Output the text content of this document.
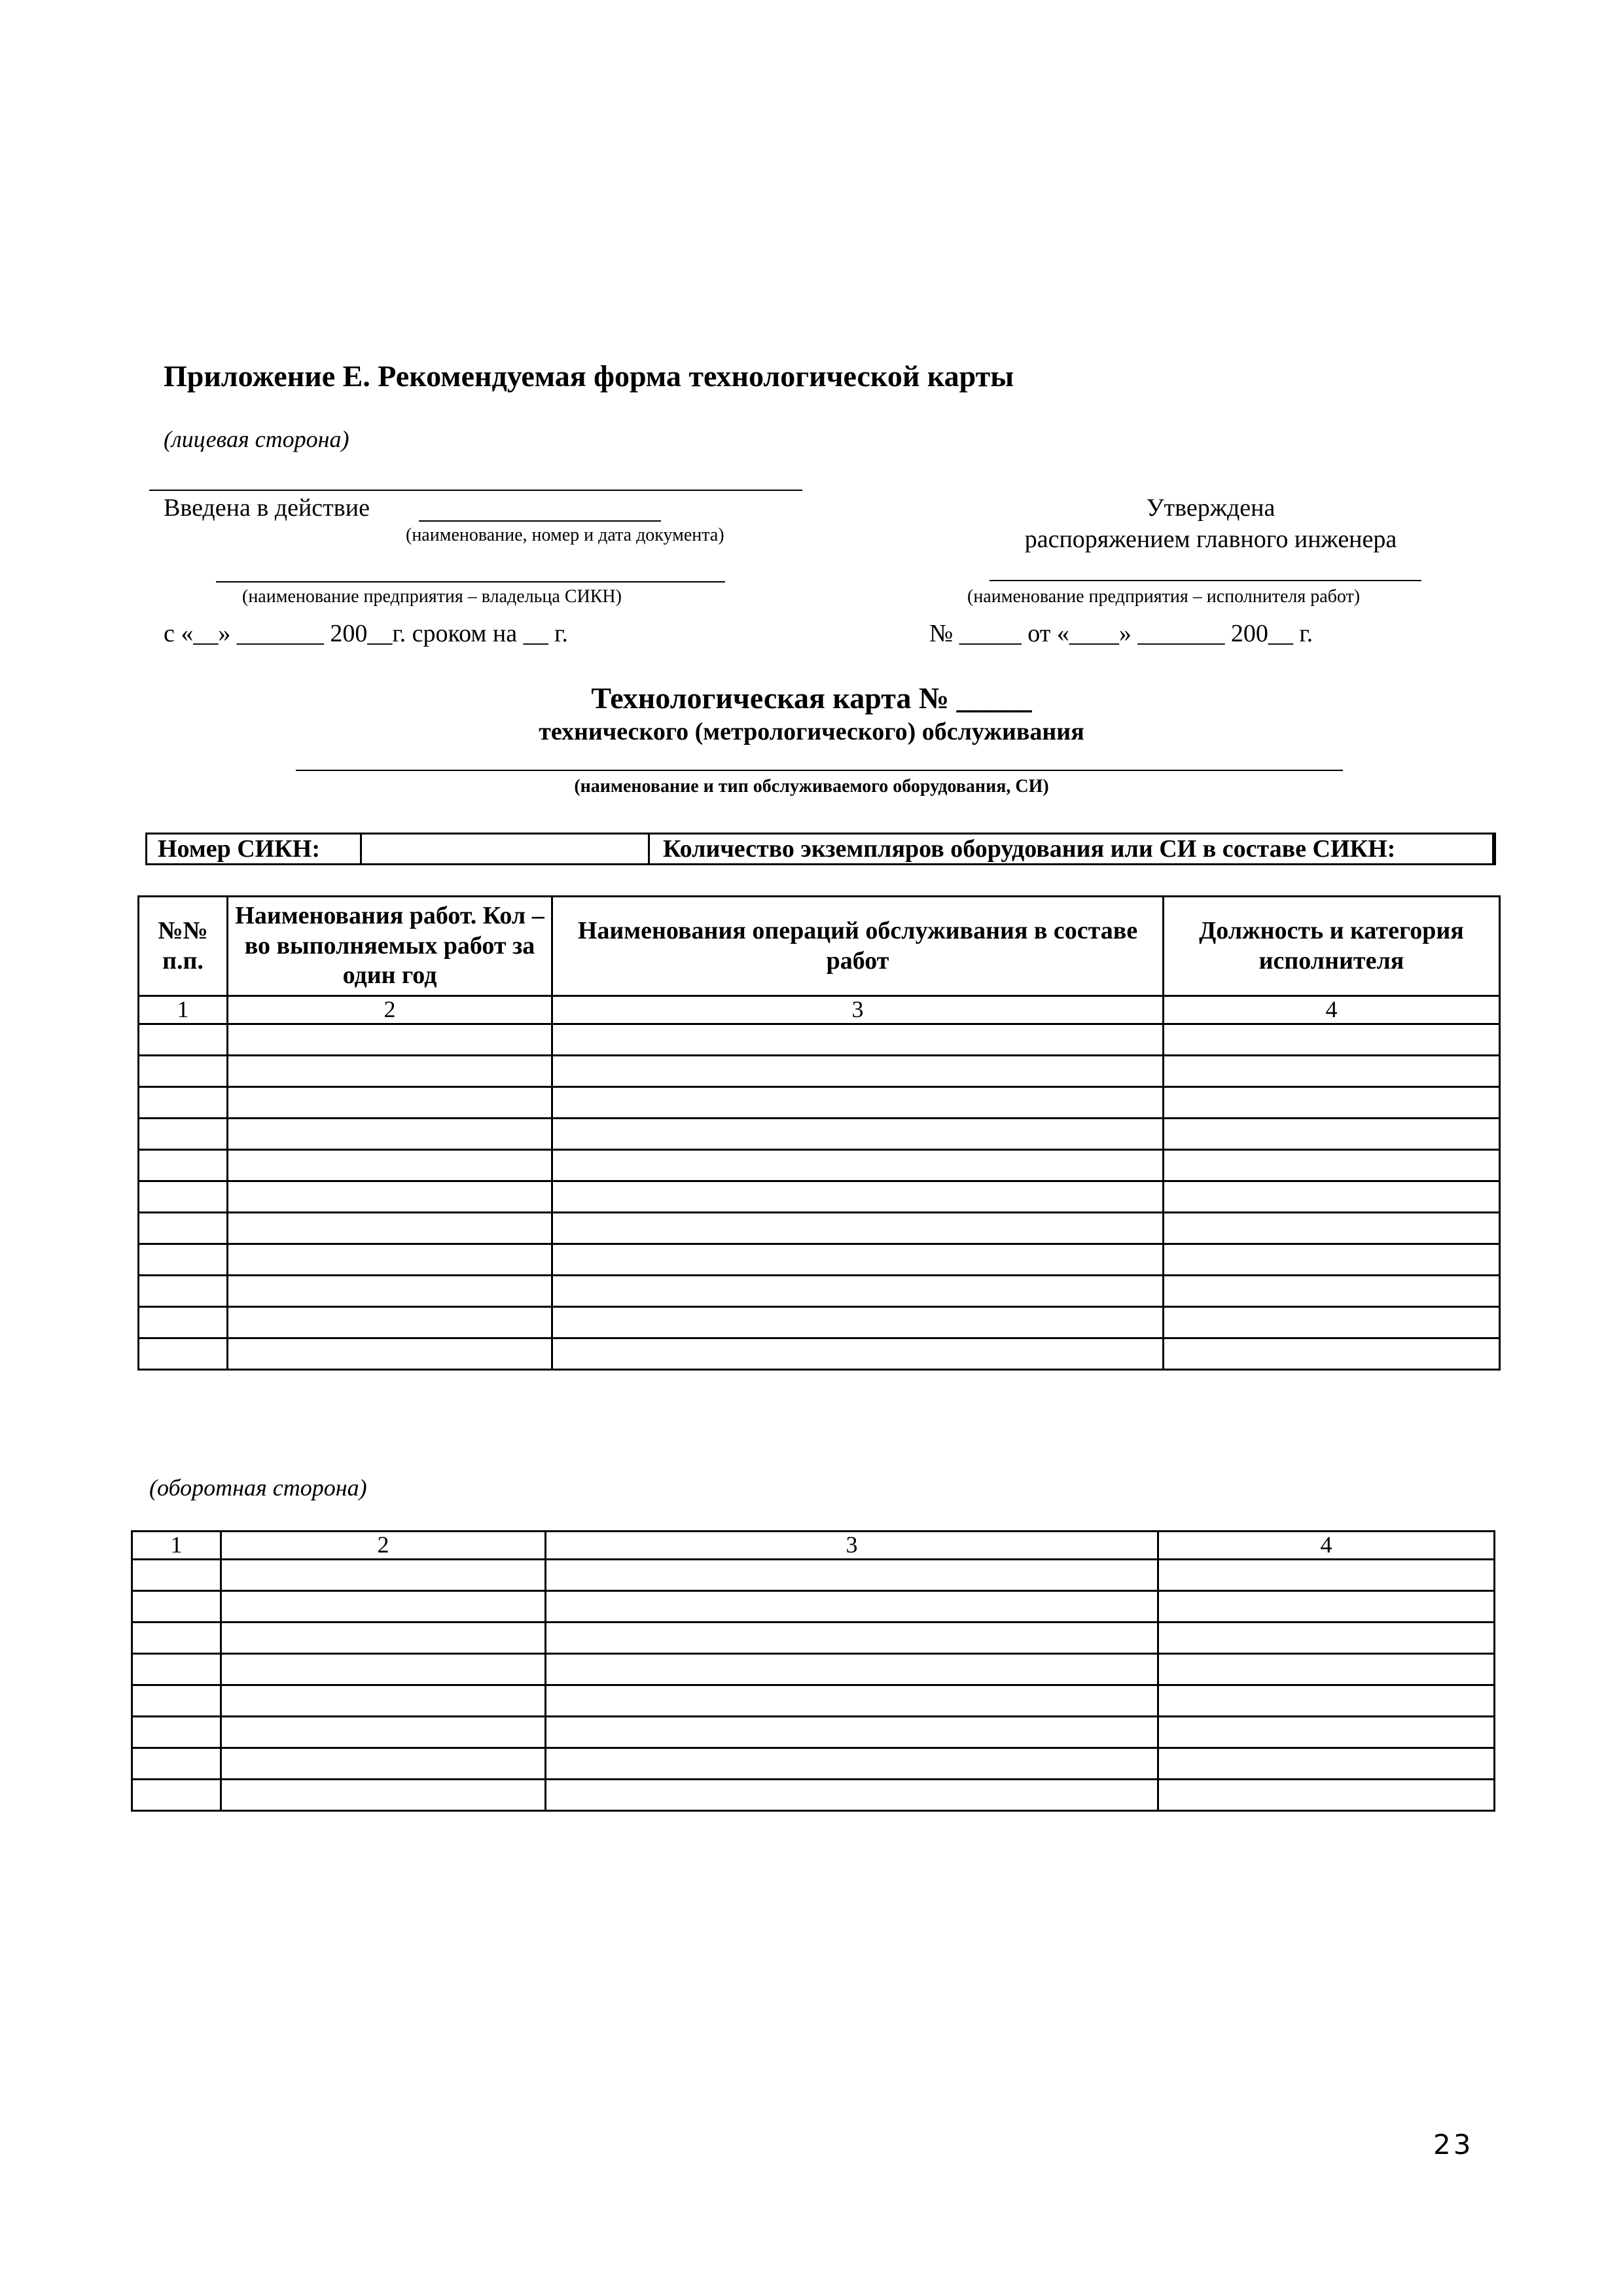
Приложение Е. Рекомендуемая форма технологической карты
(лицевая сторона)
Введена в действие
(наименование, номер и дата документа)
(наименование предприятия – владельца СИКН)
с «__» _______ 200__г. сроком на __ г.
Утверждена
распоряжением главного инженера
(наименование предприятия – исполнителя работ)
№ _____ от «____» _______ 200__ г.
Технологическая карта № _____
технического (метрологического) обслуживания
(наименование и тип обслуживаемого оборудования, СИ)
Номер СИКН:	Количество экземпляров оборудования или СИ в составе СИКН:
№№ п.п.	Наименования работ. Кол – во выполняемых работ за один год	Наименования операций обслуживания в составе работ	Должность и категория исполнителя
1	2	3	4

(оборотная сторона)
1	2	3	4

23
